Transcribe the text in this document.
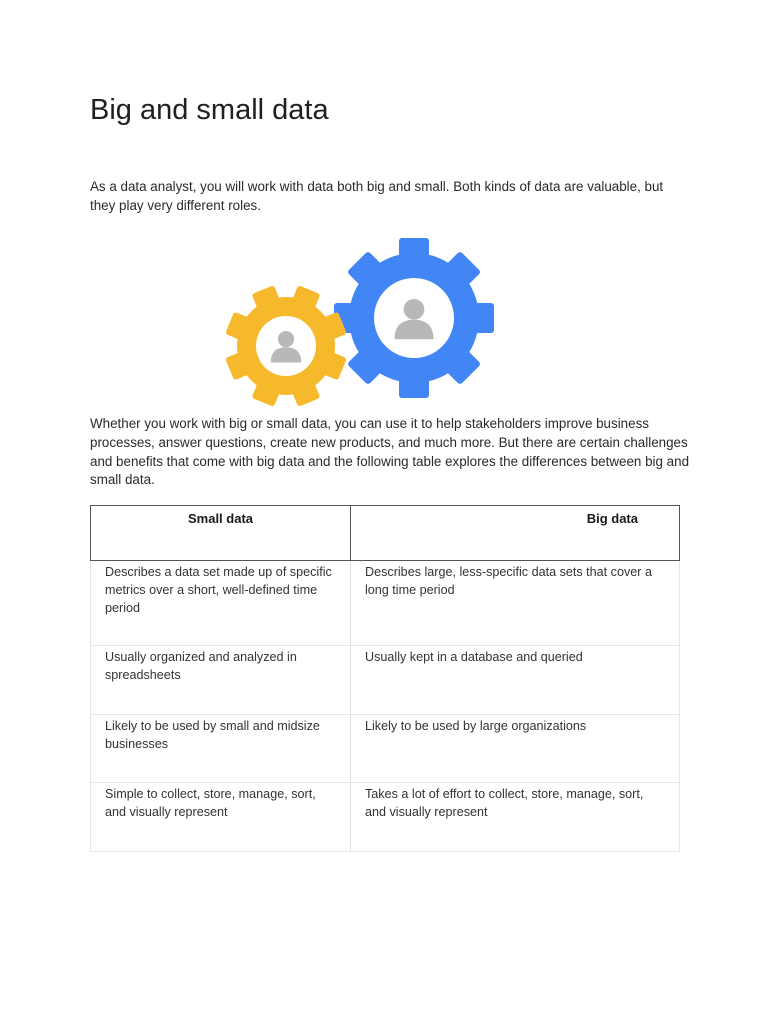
Big and small data

As a data analyst, you will work with data both big and small. Both kinds of data are valuable, but they play very different roles.

Whether you work with big or small data, you can use it to help stakeholders improve business processes, answer questions, create new products, and much more. But there are certain challenges and benefits that come with big data and the following table explores the differences between big and small data.

Small data	Big data
Describes a data set made up of specific metrics over a short, well-defined time period	Describes large, less-specific data sets that cover a long time period
Usually organized and analyzed in spreadsheets	Usually kept in a database and queried
Likely to be used by small and midsize businesses	Likely to be used by large organizations
Simple to collect, store, manage, sort, and visually represent	Takes a lot of effort to collect, store, manage, sort, and visually represent
